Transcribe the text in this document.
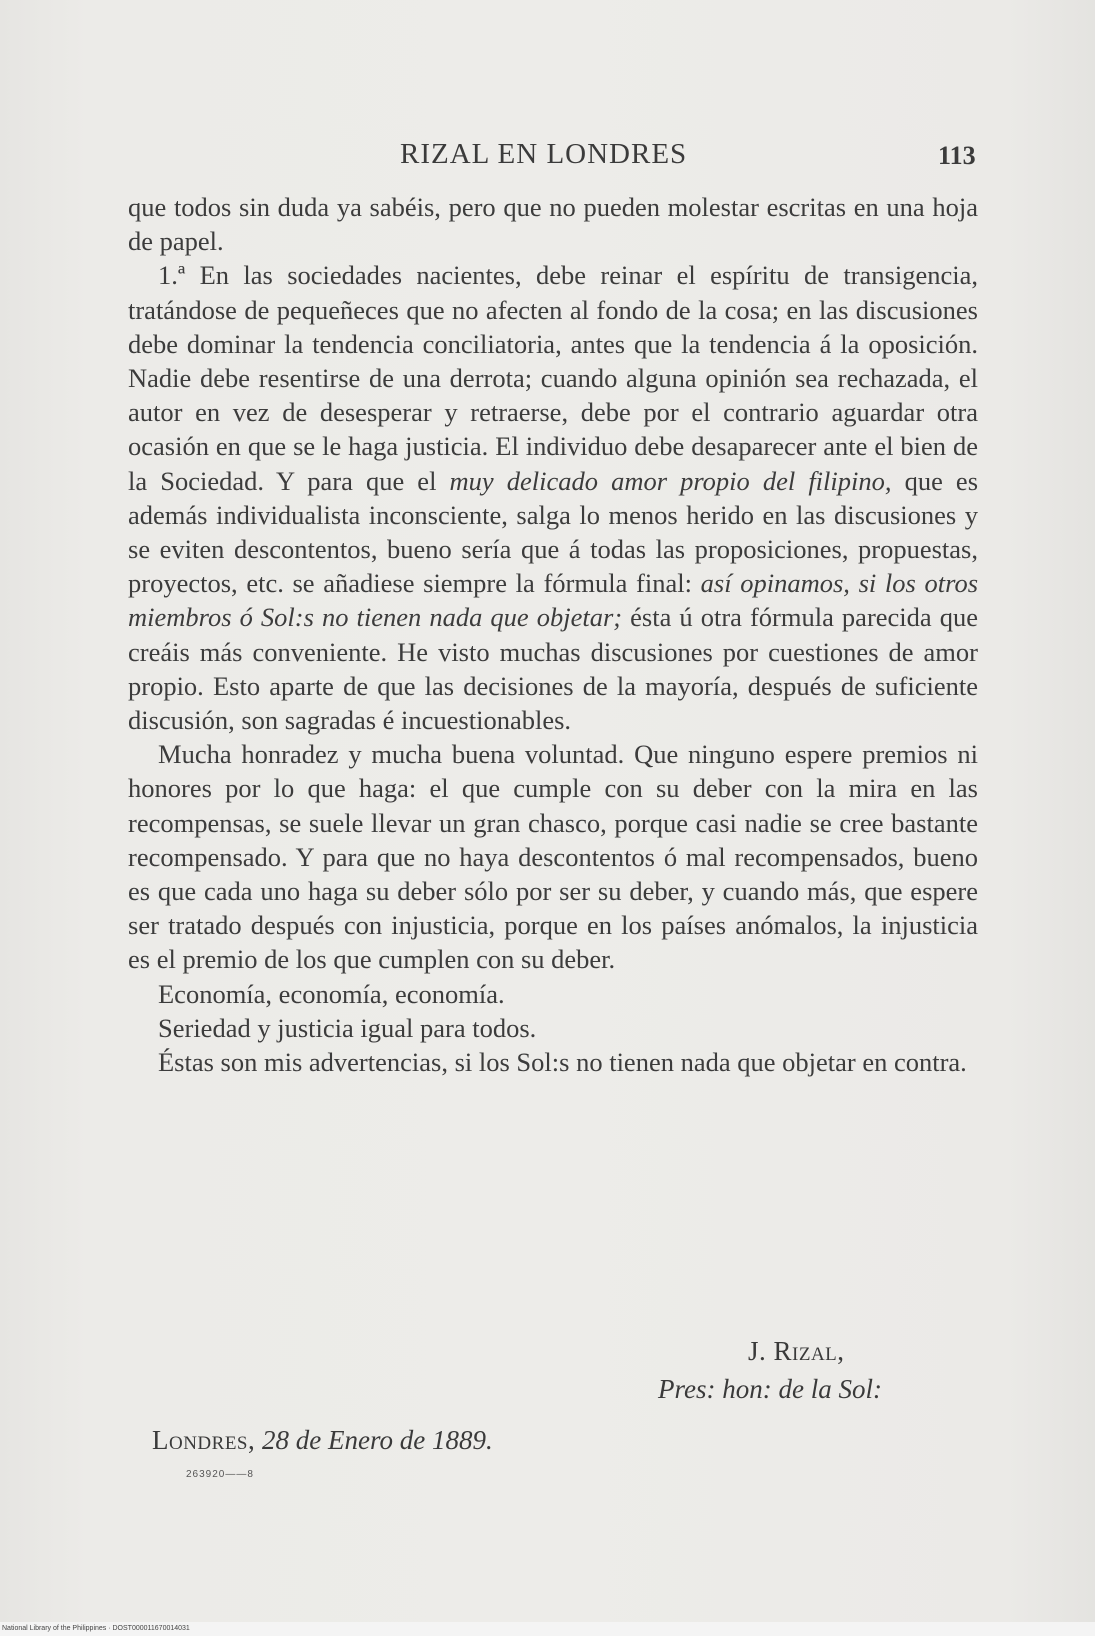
RIZAL EN LONDRES	113

que todos sin duda ya sabéis, pero que no pueden molestar escritas en una hoja de papel.

1.ª En las sociedades nacientes, debe reinar el espíritu de transigencia, tratándose de pequeñeces que no afecten al fondo de la cosa; en las discusiones debe dominar la tendencia conciliatoria, antes que la tendencia á la oposición. Nadie debe resentirse de una derrota; cuando alguna opinión sea rechazada, el autor en vez de desesperar y retraerse, debe por el contrario aguardar otra ocasión en que se le haga justicia. El individuo debe desaparecer ante el bien de la Sociedad. Y para que el muy delicado amor propio del filipino, que es además individualista inconsciente, salga lo menos herido en las discusiones y se eviten descontentos, bueno sería que á todas las proposiciones, propuestas, proyectos, etc. se añadiese siempre la fórmula final: así opinamos, si los otros miembros ó Sol:s no tienen nada que objetar; ésta ú otra fórmula parecida que creáis más conveniente. He visto muchas discusiones por cuestiones de amor propio. Esto aparte de que las decisiones de la mayoría, después de suficiente discusión, son sagradas é incuestionables.

Mucha honradez y mucha buena voluntad. Que ninguno espere premios ni honores por lo que haga: el que cumple con su deber con la mira en las recompensas, se suele llevar un gran chasco, porque casi nadie se cree bastante recompensado. Y para que no haya descontentos ó mal recompensados, bueno es que cada uno haga su deber sólo por ser su deber, y cuando más, que espere ser tratado después con injusticia, porque en los países anómalos, la injusticia es el premio de los que cumplen con su deber.

Economía, economía, economía.

Seriedad y justicia igual para todos.

Éstas son mis advertencias, si los Sol:s no tienen nada que objetar en contra.

J. Rizal,
Pres: hon: de la Sol:
Londres, 28 de Enero de 1889.
263920——8
National Library of the Philippines · DOST000011670014031
